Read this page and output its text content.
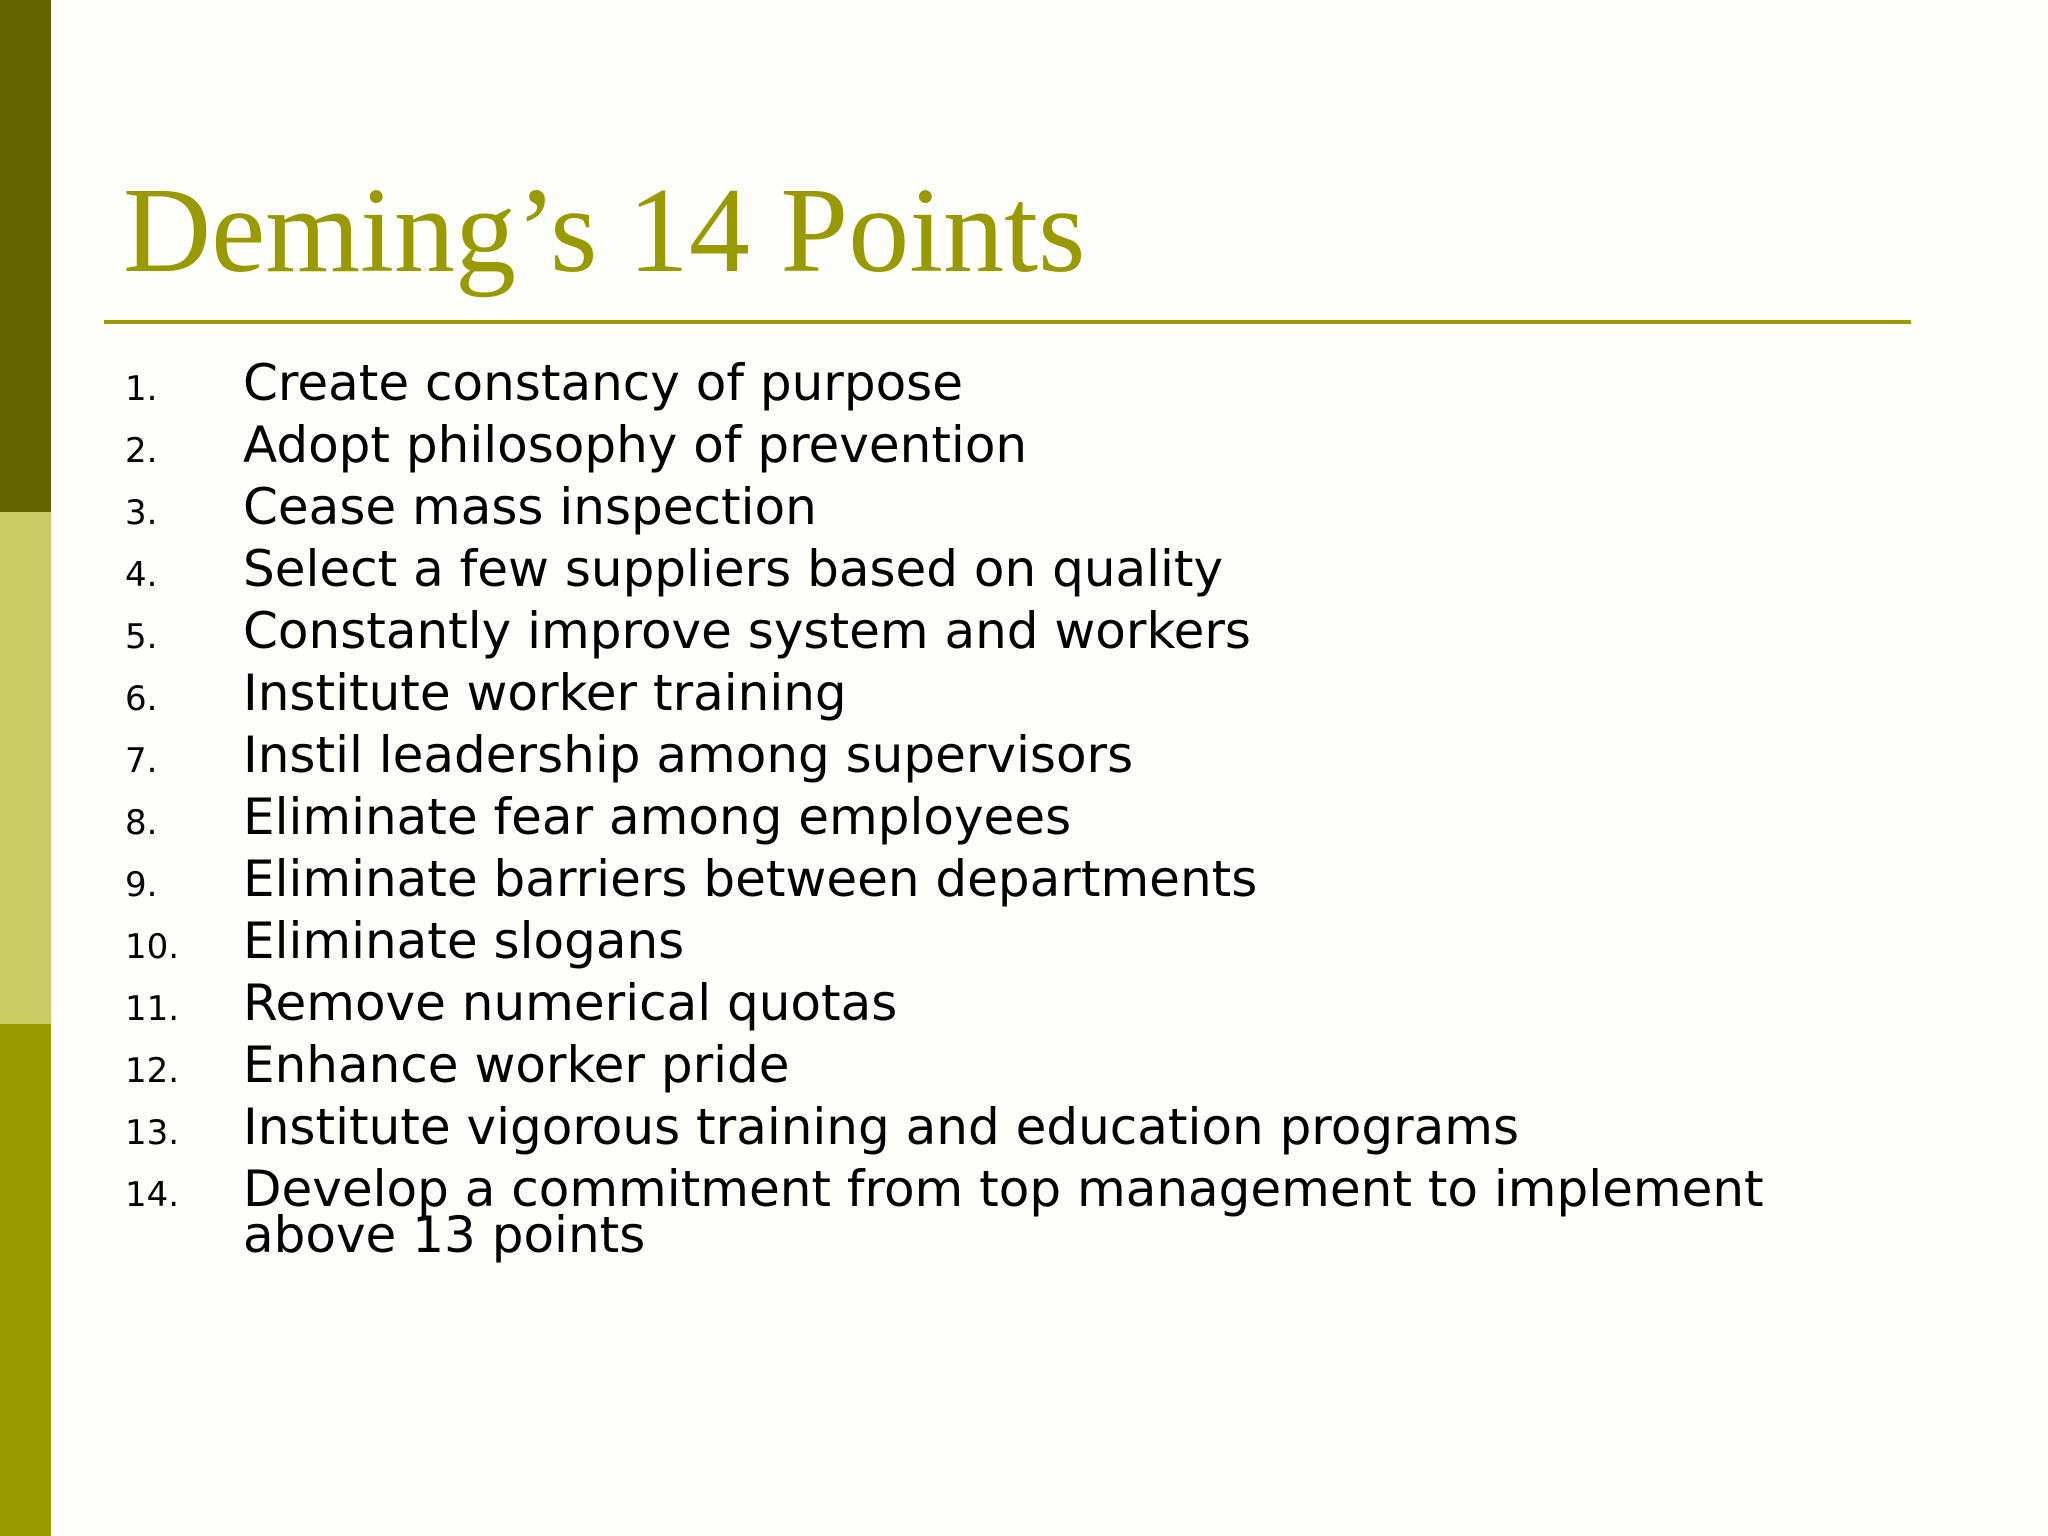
Deming’s 14 Points
1.	Create constancy of purpose
2.	Adopt philosophy of prevention
3.	Cease mass inspection
4.	Select a few suppliers based on quality
5.	Constantly improve system and workers
6.	Institute worker training
7.	Instil leadership among supervisors
8.	Eliminate fear among employees
9.	Eliminate barriers between departments
10.	Eliminate slogans
11.	Remove numerical quotas
12.	Enhance worker pride
13.	Institute vigorous training and education programs
14.	Develop a commitment from top management to implement above 13 points
